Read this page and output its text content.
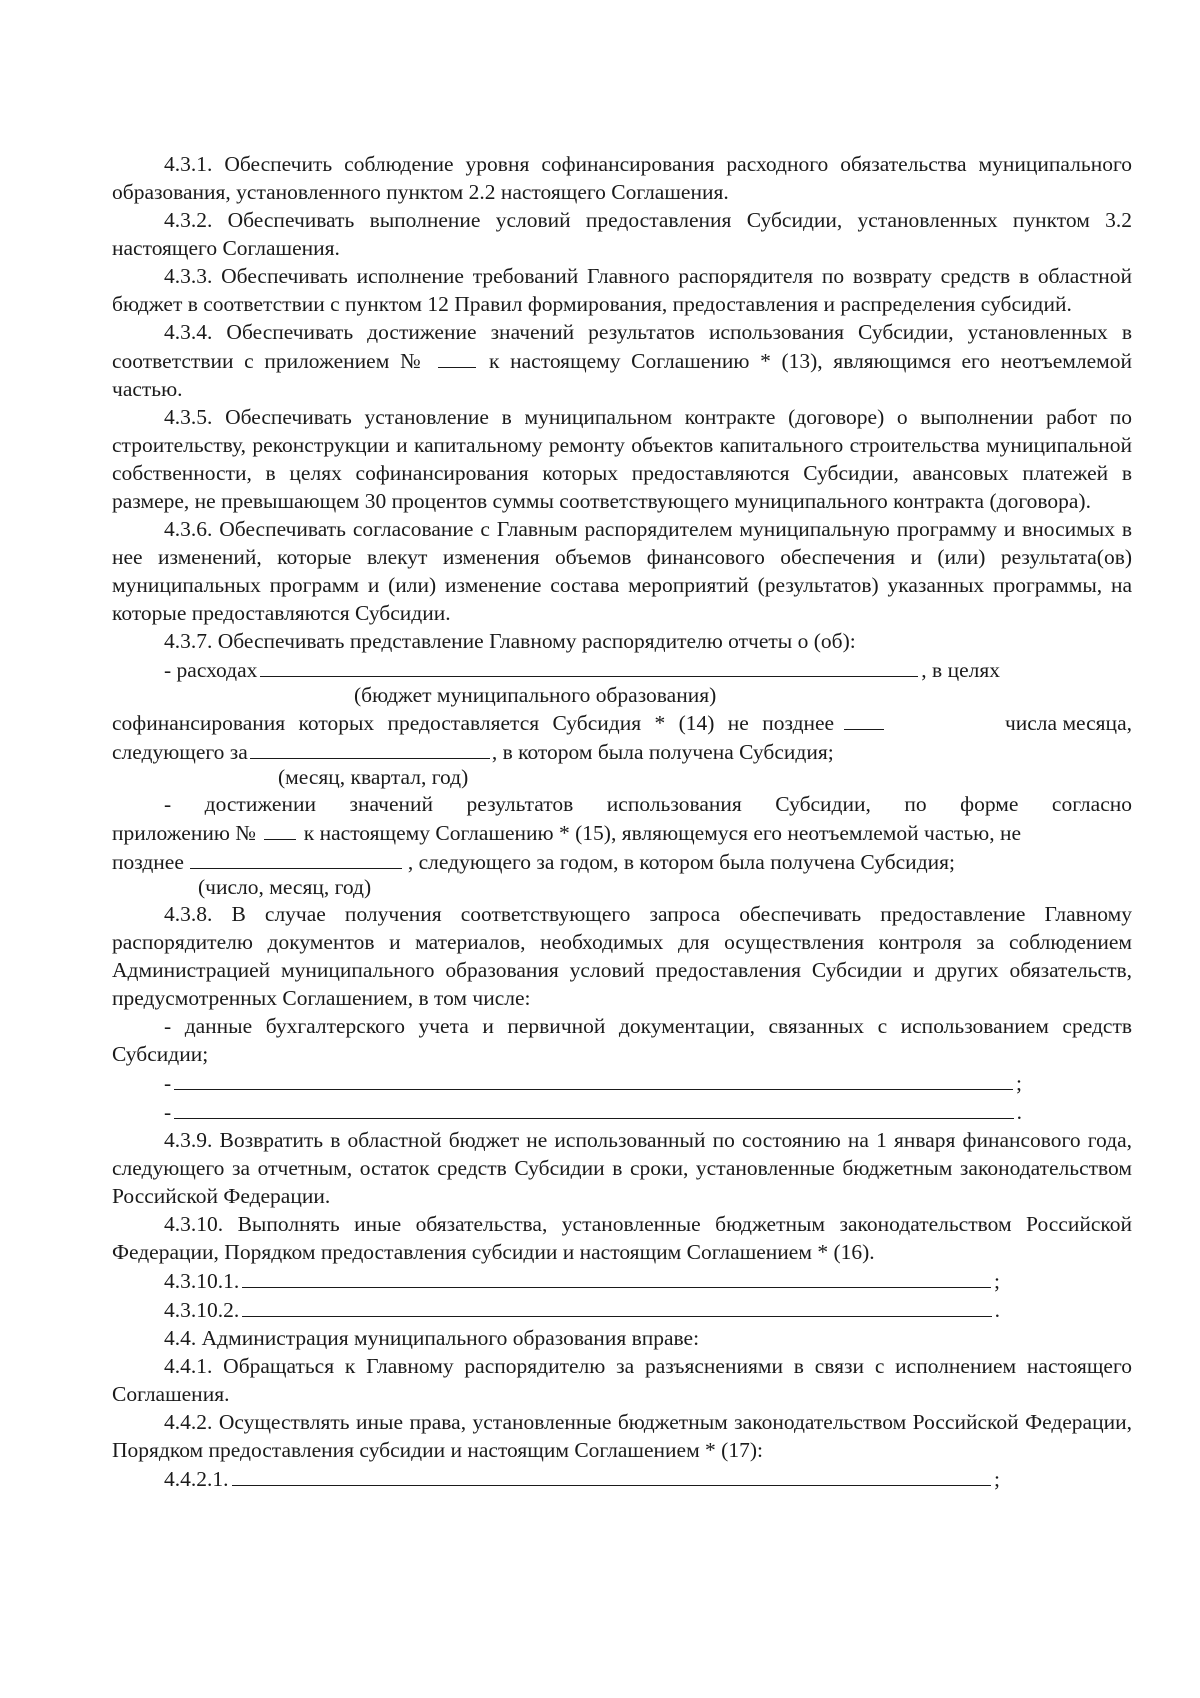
4.3.1. Обеспечить соблюдение уровня софинансирования расходного обязательства муниципального образования, установленного пунктом 2.2 настоящего Соглашения.

4.3.2. Обеспечивать выполнение условий предоставления Субсидии, установленных пунктом 3.2 настоящего Соглашения.

4.3.3. Обеспечивать исполнение требований Главного распорядителя по возврату средств в областной бюджет в соответствии с пунктом 12 Правил формирования, предоставления и распределения субсидий.

4.3.4. Обеспечивать достижение значений результатов использования Субсидии, установленных в соответствии с приложением №	к настоящему Соглашению * (13), являющимся его неотъемлемой частью.

4.3.5. Обеспечивать установление в муниципальном контракте (договоре) о выполнении работ по строительству, реконструкции и капитальному ремонту объектов капитального строительства муниципальной собственности, в целях софинансирования которых предоставляются Субсидии, авансовых платежей в размере, не превышающем 30 процентов суммы соответствующего муниципального контракта (договора).

4.3.6. Обеспечивать согласование с Главным распорядителем муниципальную программу и вносимых в нее изменений, которые влекут изменения объемов финансового обеспечения и (или) результата(ов) муниципальных программ и (или) изменение состава мероприятий (результатов) указанных программы, на которые предоставляются Субсидии.

4.3.7. Обеспечивать представление Главному распорядителю отчеты о (об):

- расходах	, в целях
(бюджет муниципального образования)
софинансирования которых предоставляется Субсидия * (14) не позднее	числа месяца,
следующего за	, в котором была получена Субсидия;
(месяц, квартал, год)

- достижении значений результатов использования Субсидии, по форме согласно

приложению № к настоящему Соглашению * (15), являющемуся его неотъемлемой частью, не
позднее	, следующего за годом, в котором была получена Субсидия;
(число, месяц, год)

4.3.8. В случае получения соответствующего запроса обеспечивать предоставление Главному распорядителю документов и материалов, необходимых для осуществления контроля за соблюдением Администрацией муниципального образования условий предоставления Субсидии и других обязательств, предусмотренных Соглашением, в том числе:

- данные бухгалтерского учета и первичной документации, связанных с использованием средств Субсидии;

-	;
-	.

4.3.9. Возвратить в областной бюджет не использованный по состоянию на 1 января финансового года, следующего за отчетным, остаток средств Субсидии в сроки, установленные бюджетным законодательством Российской Федерации.

4.3.10. Выполнять иные обязательства, установленные бюджетным законодательством Российской Федерации, Порядком предоставления субсидии и настоящим Соглашением * (16).

4.3.10.1.	;
4.3.10.2.	.

4.4. Администрация муниципального образования вправе:

4.4.1. Обращаться к Главному распорядителю за разъяснениями в связи с исполнением настоящего Соглашения.

4.4.2. Осуществлять иные права, установленные бюджетным законодательством Российской Федерации, Порядком предоставления субсидии и настоящим Соглашением * (17):

4.4.2.1.	;
